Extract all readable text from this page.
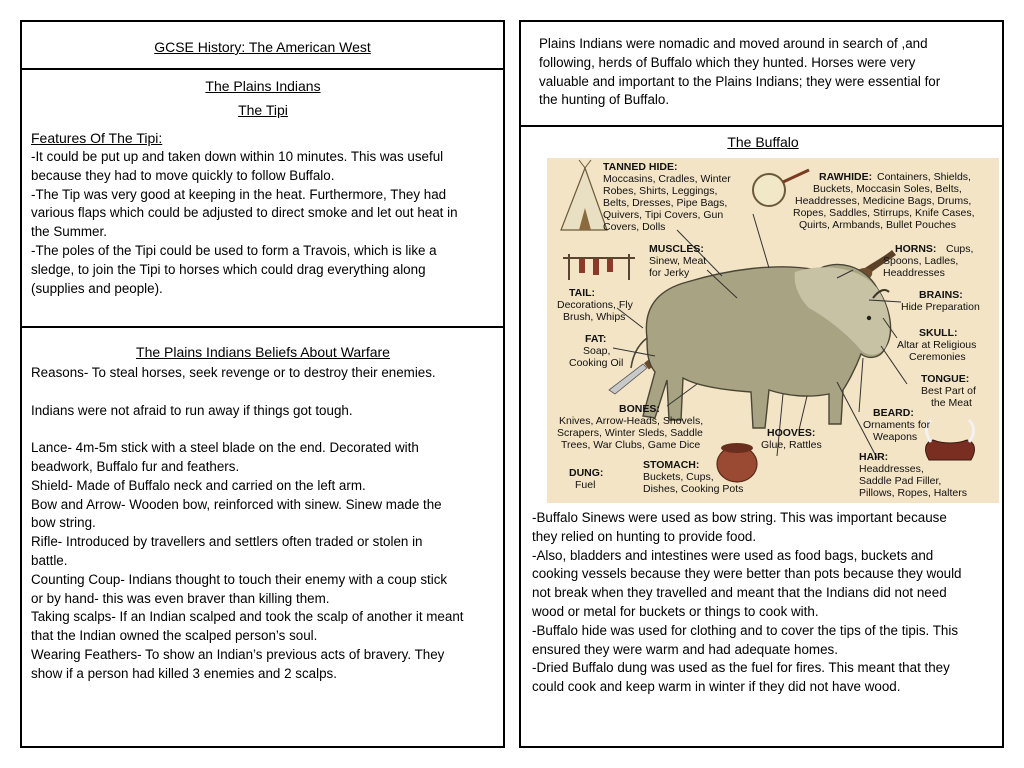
GCSE History: The American West
The Plains Indians
The Tipi
Features Of The Tipi:
-It could be put up and taken down within 10 minutes. This was useful
because they had to move quickly to follow Buffalo.
-The Tip was very good at keeping in the heat. Furthermore, They had
various flaps which could be adjusted to direct smoke and let out heat in
the Summer.
-The poles of the Tipi could be used to form a Travois, which is like a
sledge, to join the Tipi to horses which could drag everything along
(supplies and people).
The Plains Indians Beliefs About Warfare
Reasons- To steal horses, seek revenge or to destroy their enemies.
Indians were not afraid to run away if things got tough.
Lance- 4m-5m stick with a steel blade on the end. Decorated with
beadwork, Buffalo fur and feathers.
Shield- Made of Buffalo neck and carried on the left arm.
Bow and Arrow- Wooden bow, reinforced with sinew. Sinew made the
bow string.
Rifle- Introduced by travellers and settlers often traded or stolen in
battle.
Counting Coup- Indians thought to touch their enemy with a coup stick
or by hand- this was even braver than killing them.
Taking scalps- If an Indian scalped and took the scalp of another it meant
that the Indian owned the scalped person’s soul.
Wearing Feathers- To show an Indian’s previous acts of bravery. They
show if a person had killed 3 enemies and 2 scalps.
Plains Indians were nomadic and moved around in search of ,and
following, herds of Buffalo which they hunted. Horses were very
valuable and important to the Plains Indians; they were essential for
the hunting of Buffalo.
The Buffalo
TANNED HIDE:
Moccasins, Cradles, Winter
Robes, Shirts, Leggings,
Belts, Dresses, Pipe Bags,
Quivers, Tipi Covers, Gun
Covers, Dolls
RAWHIDE: Containers, Shields,
Buckets, Moccasin Soles, Belts,
Headdresses, Medicine Bags, Drums,
Ropes, Saddles, Stirrups, Knife Cases,
Quirts, Armbands, Bullet Pouches
MUSCLES:
Sinew, Meat
for Jerky
HORNS: Cups,
Spoons, Ladles,
Headdresses
TAIL:
Decorations, Fly
Brush, Whips
BRAINS:
Hide Preparation
FAT:
Soap,
Cooking Oil
SKULL:
Altar at Religious
Ceremonies
TONGUE:
Best Part of
the Meat
BONES:
Knives, Arrow-Heads, Shovels,
Scrapers, Winter Sleds, Saddle
Trees, War Clubs, Game Dice
BEARD:
Ornaments for
Weapons
HOOVES:
Glue, Rattles
HAIR:
Headdresses,
Saddle Pad Filler,
Pillows, Ropes, Halters
DUNG:
Fuel
STOMACH:
Buckets, Cups,
Dishes, Cooking Pots
-Buffalo Sinews were used as bow string. This was important because
they relied on hunting to provide food.
-Also, bladders and intestines were used as food bags, buckets and
cooking vessels because they were better than pots because they would
not break when they travelled and meant that the Indians did not need
wood or metal for buckets or things to cook with.
-Buffalo hide was used for clothing and to cover the tips of the tipis. This
ensured they were warm and had adequate homes.
-Dried Buffalo dung was used as the fuel for fires. This meant that they
could cook and keep warm in winter if they did not have wood.
